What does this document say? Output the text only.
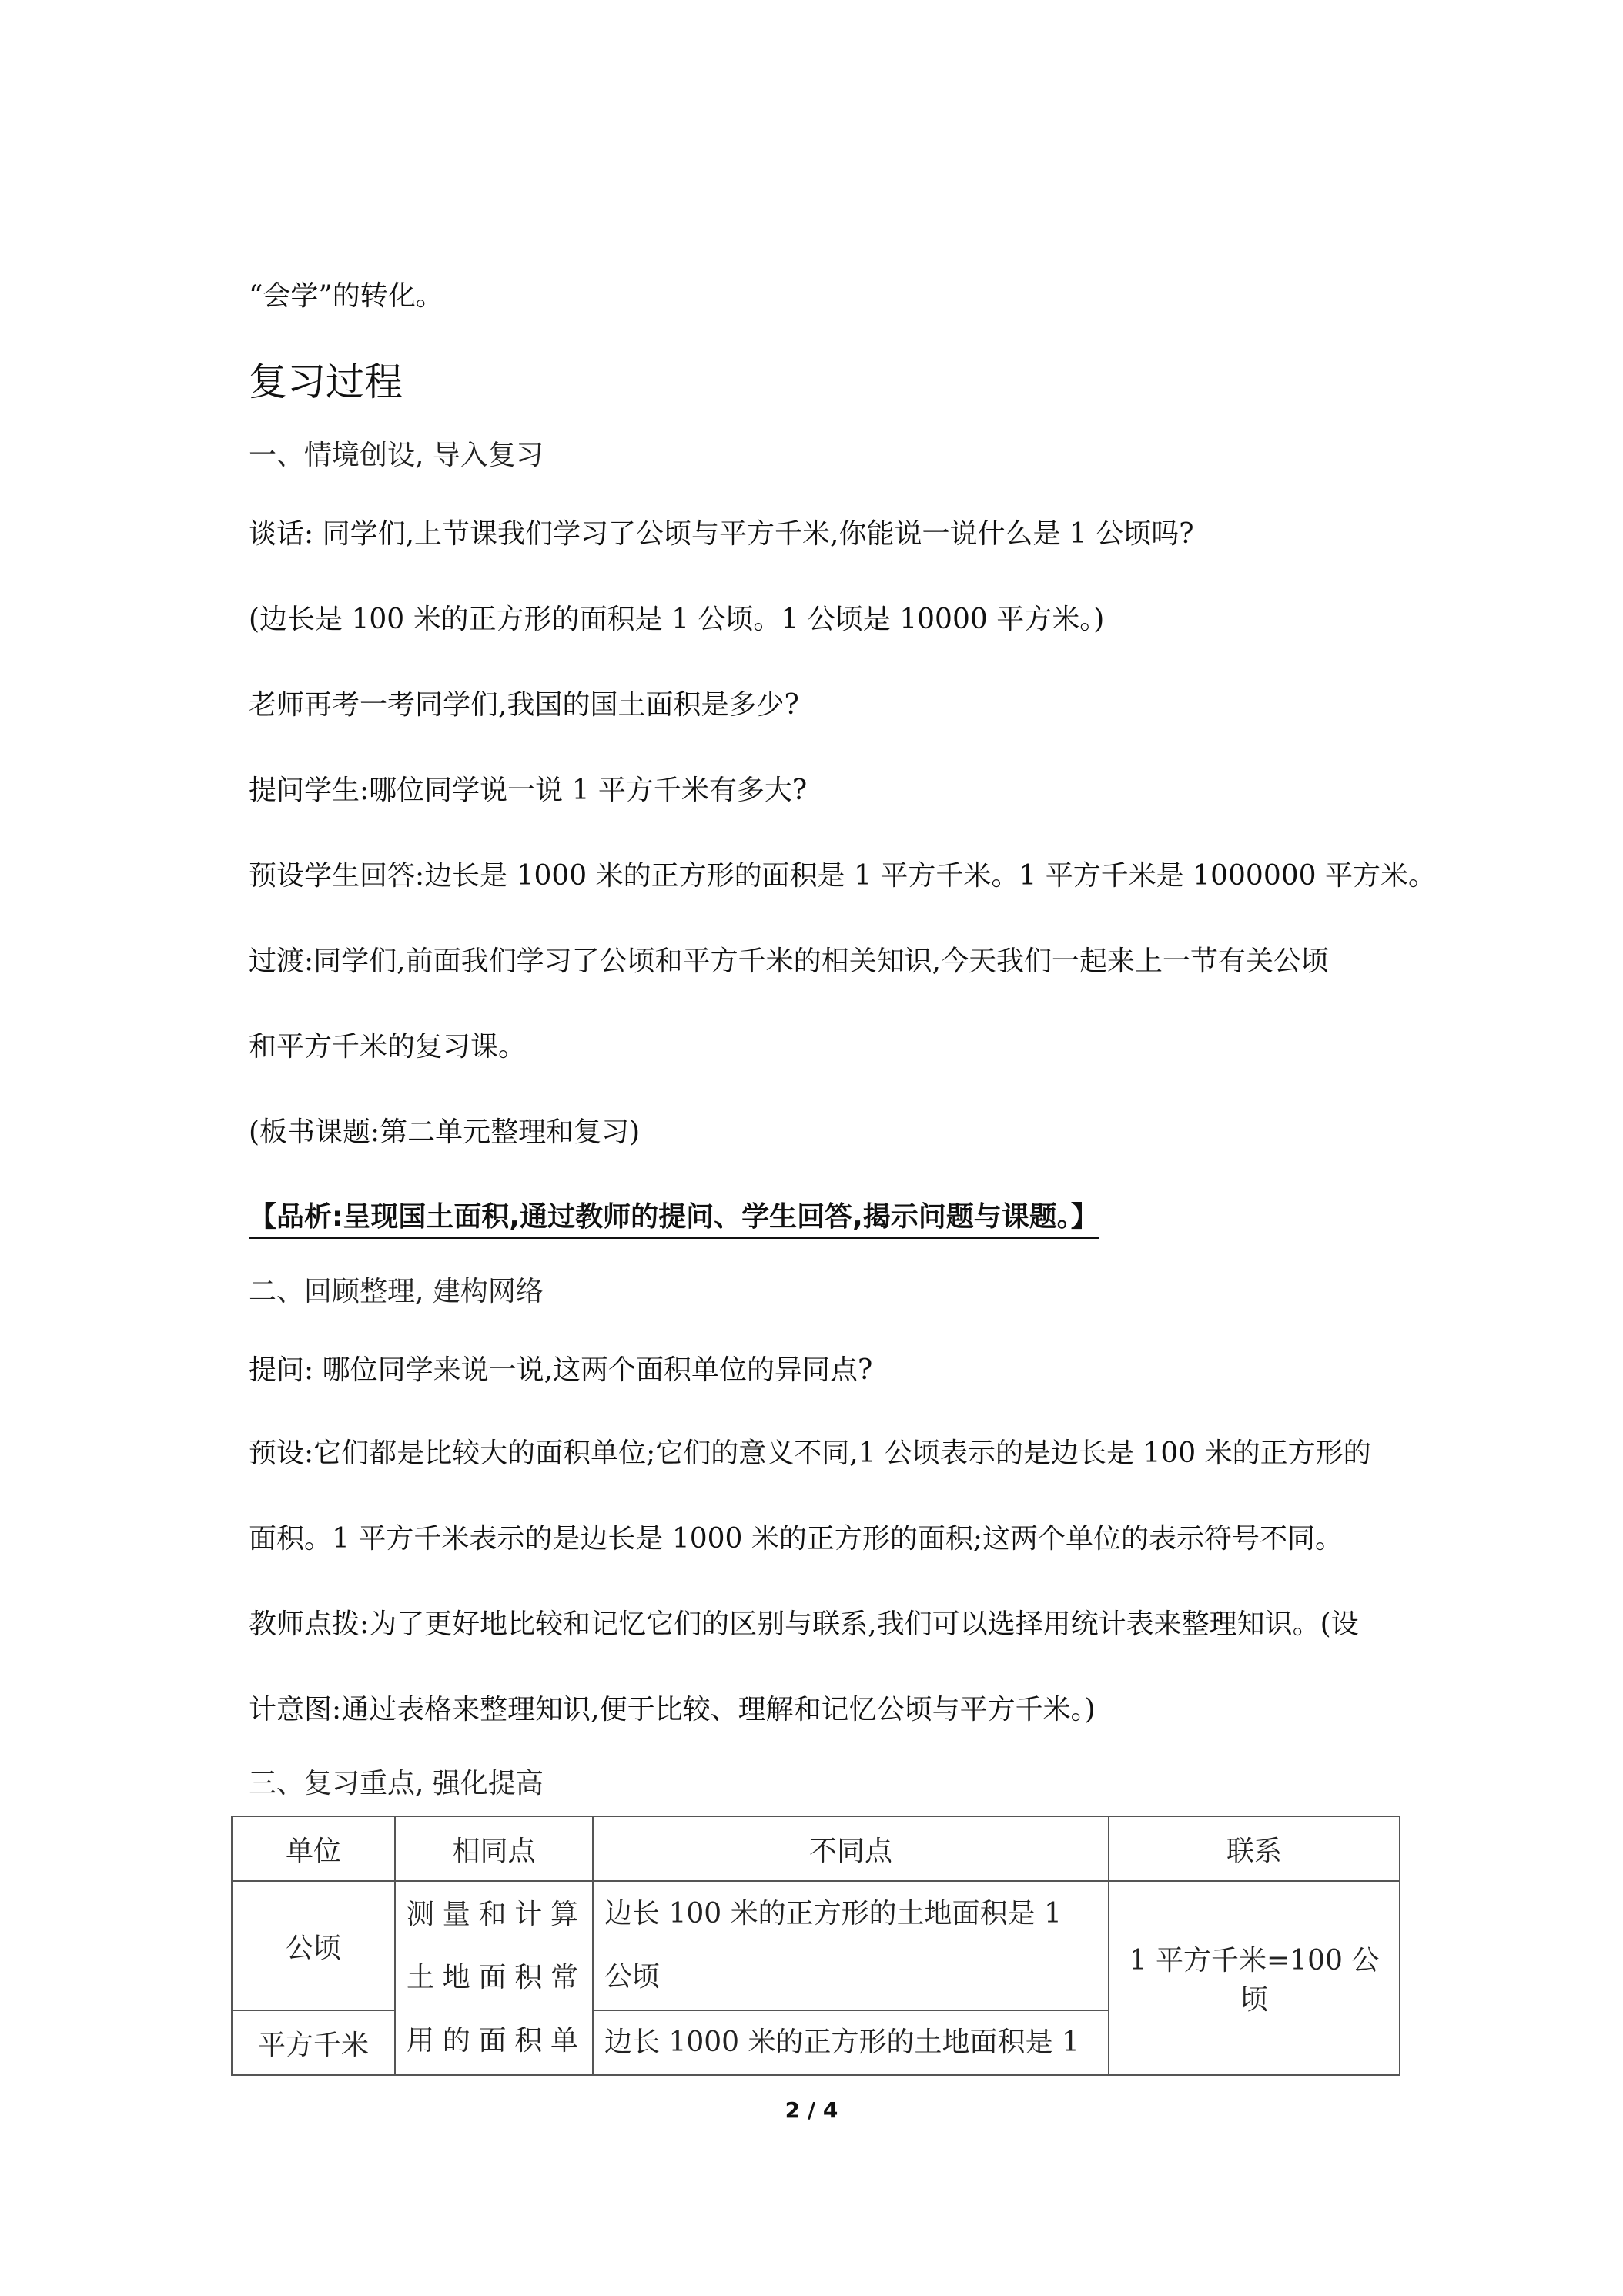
“会学”的转化。

复习过程

一、情境创设, 导入复习

谈话: 同学们,上节课我们学习了公顷与平方千米,你能说一说什么是 1 公顷吗?

(边长是 100 米的正方形的面积是 1 公顷。1 公顷是 10000 平方米。)

老师再考一考同学们,我国的国土面积是多少?

提问学生:哪位同学说一说 1 平方千米有多大?

预设学生回答:边长是 1000 米的正方形的面积是 1 平方千米。1 平方千米是 1000000 平方米。

过渡:同学们,前面我们学习了公顷和平方千米的相关知识,今天我们一起来上一节有关公顷

和平方千米的复习课。

(板书课题:第二单元整理和复习)

【品析:呈现国土面积,通过教师的提问、学生回答,揭示问题与课题。】

二、回顾整理, 建构网络

提问: 哪位同学来说一说,这两个面积单位的异同点?

预设:它们都是比较大的面积单位;它们的意义不同,1 公顷表示的是边长是 100 米的正方形的

面积。1 平方千米表示的是边长是 1000 米的正方形的面积;这两个单位的表示符号不同。

教师点拨:为了更好地比较和记忆它们的区别与联系,我们可以选择用统计表来整理知识。(设

计意图:通过表格来整理知识,便于比较、理解和记忆公顷与平方千米。)

三、复习重点, 强化提高

单位	相同点	不同点	联系
公顷	测量和计算土地面积常用的面积单	边长 100 米的正方形的土地面积是 1 公顷	1 平方千米=100 公顷
平方千米		边长 1000 米的正方形的土地面积是 1	
2 / 4
